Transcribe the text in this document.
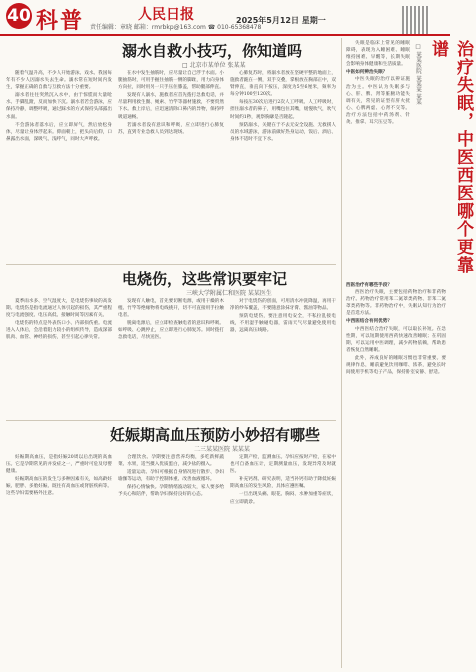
40 科普	人民日报
责任编辑：章晓 邮箱：rmrbkp@163.com ☎ 010-65368478
2025年5月12日 星期一
溺水自救小技巧，你知道吗
□ 北京市某单位 张某某

随着气温升高，不少人开始游泳、戏水。我国每年有不少人因溺水失去生命。溺水常在短时间内发生，掌握正确的自救与互救方法十分重要。

溺水者往往突然沉入水中，由于惊慌而大量呛水、手脚乱蹬，反而加快下沉。溺水者若会游泳，应保持冷静，调整呼吸，通过踩水的方式保持头部露出水面。

不会游泳者落水后，应立即屏气，然后放松身体，尽量让身体浮起来。仰面朝上，把头向后仰，口鼻露出水面，深吸气、浅呼气，同时大声呼救。

在水中发生抽筋时，应尽量让自己浮于水面。小腿抽筋时，可用手握住抽筋一侧的脚趾，用力向身体方向拉，同时用另一只手压住膝盖，帮助腿部伸直。

发现有人溺水，施救者应首先拨打急救电话，并尽量利用救生圈、绳索、竹竿等器材施救，不要贸然下水。救上岸后，应迅速清除口鼻内的异物，保持呼吸道通畅。

若溺水者没有意识和呼吸，应立即进行心肺复苏，直到专业急救人员到达现场。

心肺复苏时，将溺水者放在坚硬平整的地面上，施救者跪在一侧，双手交叠，掌根放在胸部正中，双臂伸直，垂直向下按压，深度为5至6厘米，频率为每分钟100至120次。

每按压30次后进行2次人工呼吸。人工呼吸时，捏住溺水者的鼻子，用嘴包住其嘴，缓慢吹气，吹气时间约1秒，观察胸廓是否隆起。

预防溺水，关键在于不去无安全设施、无救援人员的水域游泳，游泳前做好热身运动，饭后、酒后、身体不适时不宜下水。

电烧伤，这些常识要牢记
三峡大学附属仁和医院 某某医生

夏季雨水多、空气湿度大，是电烧伤事故的高发期。电烧伤是指电流通过人体引起的损伤，其严重程度与电流强度、电压高低、接触时间等因素有关。

电烧伤的特点是外表伤口小、内部损伤重。电流进入人体后，会沿着阻力较小的组织传导，造成深部肌肉、血管、神经的损伤，甚至引起心律失常。

发现有人触电，首先要切断电源，或用干燥的木棍、竹竿等绝缘物将电线挑开，切不可直接用手拉触电者。

脱离电源后，应立即检查触电者的意识和呼吸。如呼吸、心跳停止，应立即进行心肺复苏。同时拨打急救电话，尽快送医。

对于电烧伤的创面，可用清水冲洗降温，再用干净的纱布覆盖，不要随意涂抹牙膏、酱油等物品。

预防电烧伤，要注意用电安全，不私拉乱接电线，不用湿手触碰电器，雷雨天气尽量避免使用电器，远离高压线路。

妊娠期高血压预防小妙招有哪些
二三某某医院 某某某

妊娠期高血压，是指妊娠20周以后出现的高血压。它是孕期常见的并发症之一，严重时可危及母婴健康。

妊娠期高血压的发生与多种因素有关，如高龄妊娠、肥胖、多胎妊娠、既往有高血压或肾脏疾病等。这些孕妇需要格外注意。

合理饮食。孕期要注意营养均衡，多吃新鲜蔬菜、水果，适当摄入优质蛋白，减少盐的摄入。

适量运动。孕妇可根据自身情况进行散步、孕妇瑜伽等运动，有助于控制体重、改善血液循环。

保持心情愉快。孕期情绪波动较大，家人要多给予关心和陪伴，帮助孕妇保持良好的心态。

定期产检，监测血压。孕妇应按时产检，在家中也可自备血压计，定期测量血压，发现异常及时就医。

补充钙剂。研究表明，适当补钙有助于降低妊娠期高血压的发生风险，具体应遵医嘱。

一旦出现头痛、眼花、胸闷、水肿加重等症状，应立即就诊。

治疗失眠，中医西医哪个更靠谱
□ 某某医院 某某某 某某

失眠是临床上常见的睡眠障碍，表现为入睡困难、睡眠维持困难、早醒等，长期失眠会影响身体健康和生活质量。

中医如何辨治失眠？

中医失眠的治疗以辨证施治为主。中医认为失眠多与心、肝、脾、肾等脏腑功能失调有关，常见的证型有肝火扰心、心脾两虚、心肾不交等。治疗方法包括中药汤剂、针灸、推拿、耳穴压豆等。

西医治疗有哪些手段？

西医治疗失眠，主要包括药物治疗和非药物治疗。药物治疗常用苯二氮䓬类药物、非苯二氮䓬类药物等。非药物治疗中，失眠认知行为治疗是首选方法。

中西医结合有何优势？

中西医结合治疗失眠，可以取长补短。在急性期，可以短期使用西药快速改善睡眠；在巩固期，可以运用中医调理，减少药物依赖，帮助患者恢复自然睡眠。

此外，养成良好的睡眠习惯也非常重要。要规律作息，睡前避免饮用咖啡、浓茶，避免长时间使用手机等电子产品，保持卧室安静、舒适。
